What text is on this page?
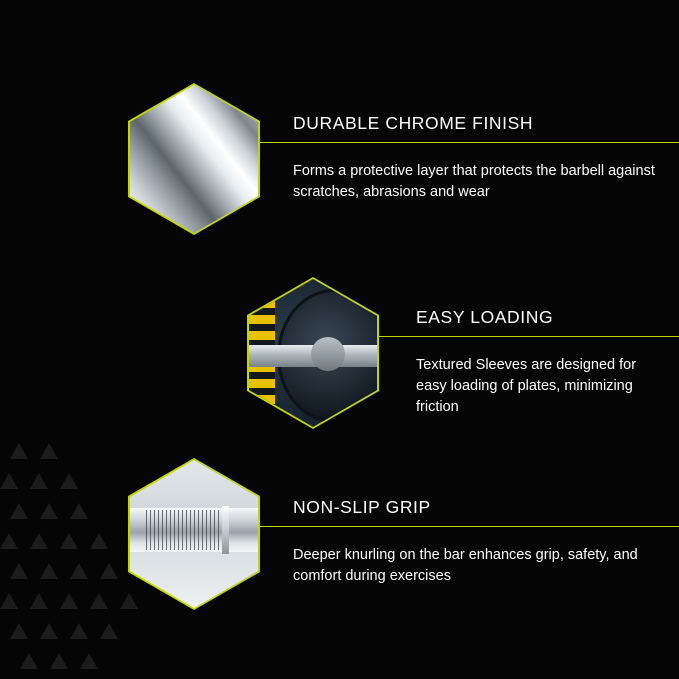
DURABLE CHROME FINISH
Forms a protective layer that protects the barbell against scratches, abrasions and wear
EASY LOADING
Textured Sleeves are designed for easy loading of plates, minimizing friction
NON-SLIP GRIP
Deeper knurling on the bar enhances grip, safety, and comfort during exercises
